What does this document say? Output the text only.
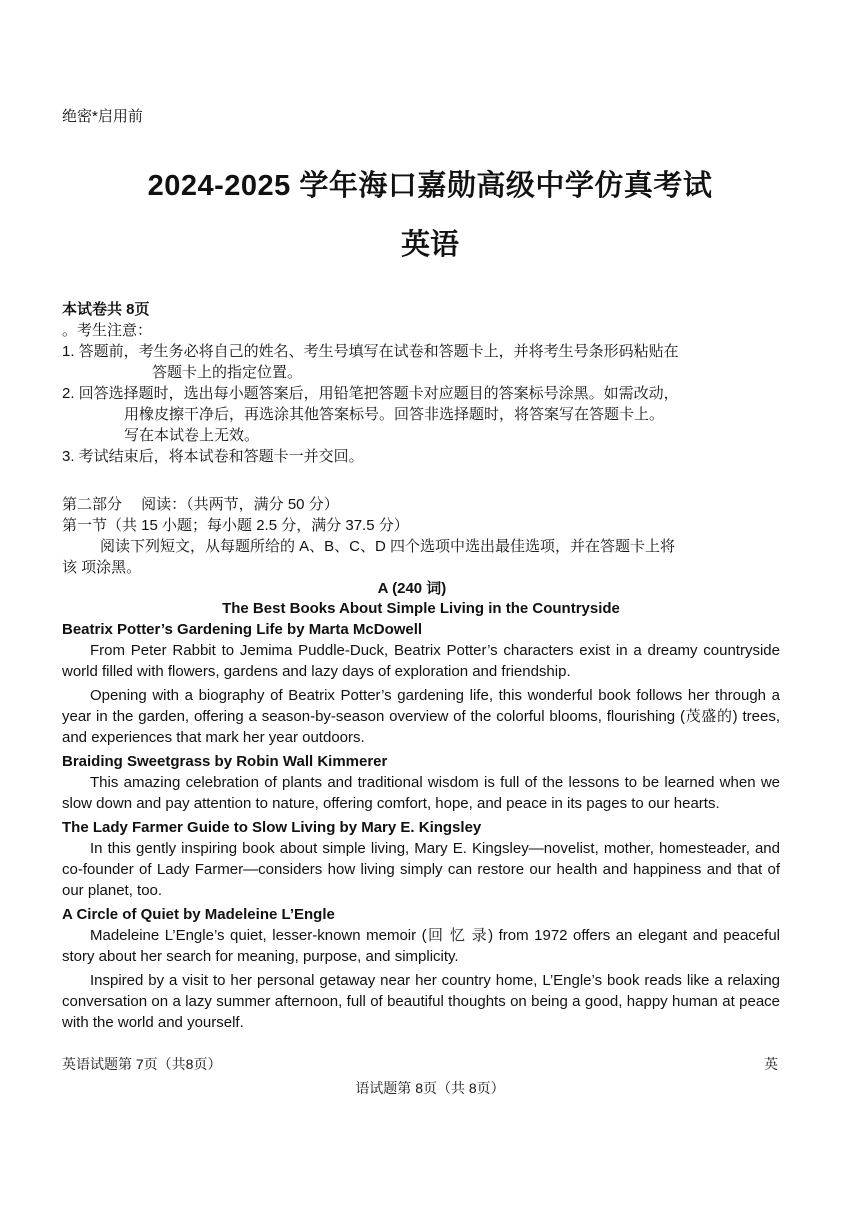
绝密*启用前
2024-2025 学年海口嘉勋高级中学仿真考试
英语
本试卷共 8页
。考生注意：
1. 答题前，考生务必将自己的姓名、考生号填写在试卷和答题卡上，并将考生号条形码粘贴在
答题卡上的指定位置。
2. 回答选择题时，选出每小题答案后，用铅笔把答题卡对应题目的答案标号涂黑。如需改动，
用橡皮擦干净后，再选涂其他答案标号。回答非选择题时，将答案写在答题卡上。
写在本试卷上无效。
3. 考试结束后，将本试卷和答题卡一并交回。
第二部分　 阅读：（共两节，满分 50 分）
第一节（共 15 小题；每小题 2.5 分，满分 37.5 分）
阅读下列短文，从每题所给的 A、B、C、D 四个选项中选出最佳选项，并在答题卡上将
该 项涂黑。
A (240 词)
The Best Books About Simple Living in the Countryside
Beatrix Potter’s Gardening Life by Marta McDowell

From Peter Rabbit to Jemima Puddle-Duck, Beatrix Potter’s characters exist in a dreamy countryside world filled with flowers, gardens and lazy days of exploration and friendship.

Opening with a biography of Beatrix Potter’s gardening life, this wonderful book follows her through a year in the garden, offering a season-by-season overview of the colorful blooms, flourishing (茂盛的) trees, and experiences that mark her year outdoors.

Braiding Sweetgrass by Robin Wall Kimmerer

This amazing celebration of plants and traditional wisdom is full of the lessons to be learned when we slow down and pay attention to nature, offering comfort, hope, and peace in its pages to our hearts.

The Lady Farmer Guide to Slow Living by Mary E. Kingsley

In this gently inspiring book about simple living, Mary E. Kingsley—novelist, mother, homesteader, and co-founder of Lady Farmer—considers how living simply can restore our health and happiness and that of our planet, too.

A Circle of Quiet by Madeleine L’Engle

Madeleine L’Engle’s quiet, lesser-known memoir (回 忆 录) from 1972 offers an elegant and peaceful story about her search for meaning, purpose, and simplicity.

Inspired by a visit to her personal getaway near her country home, L’Engle’s book reads like a relaxing conversation on a lazy summer afternoon, full of beautiful thoughts on being a good, happy human at peace with the world and yourself.

英语试题第 7页（共8页）	英
语试题第 8页（共 8页）
